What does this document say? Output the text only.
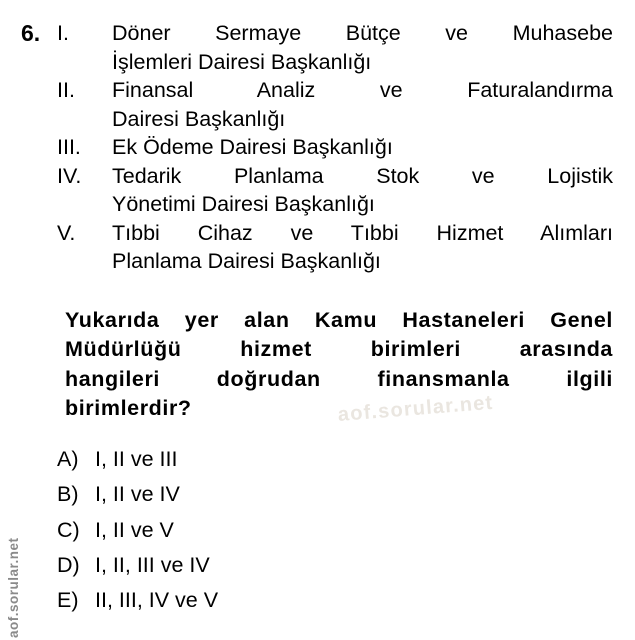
6. I.	Döner Sermaye Bütçe ve Muhasebe
İşlemleri Dairesi Başkanlığı
II.	Finansal Analiz ve Faturalandırma
Dairesi Başkanlığı
III.	Ek Ödeme Dairesi Başkanlığı
IV.	Tedarik Planlama Stok ve Lojistik
Yönetimi Dairesi Başkanlığı
V.	Tıbbi Cihaz ve Tıbbi Hizmet Alımları
Planlama Dairesi Başkanlığı
Yukarıda yer alan Kamu Hastaneleri Genel
Müdürlüğü hizmet birimleri arasında
hangileri doğrudan finansmanla ilgili
birimlerdir?
A) I, II ve III
B) I, II ve IV
C) I, II ve V
D) I, II, III ve IV
E) II, III, IV ve V
aof.sorular.net
aof.sorular.net
